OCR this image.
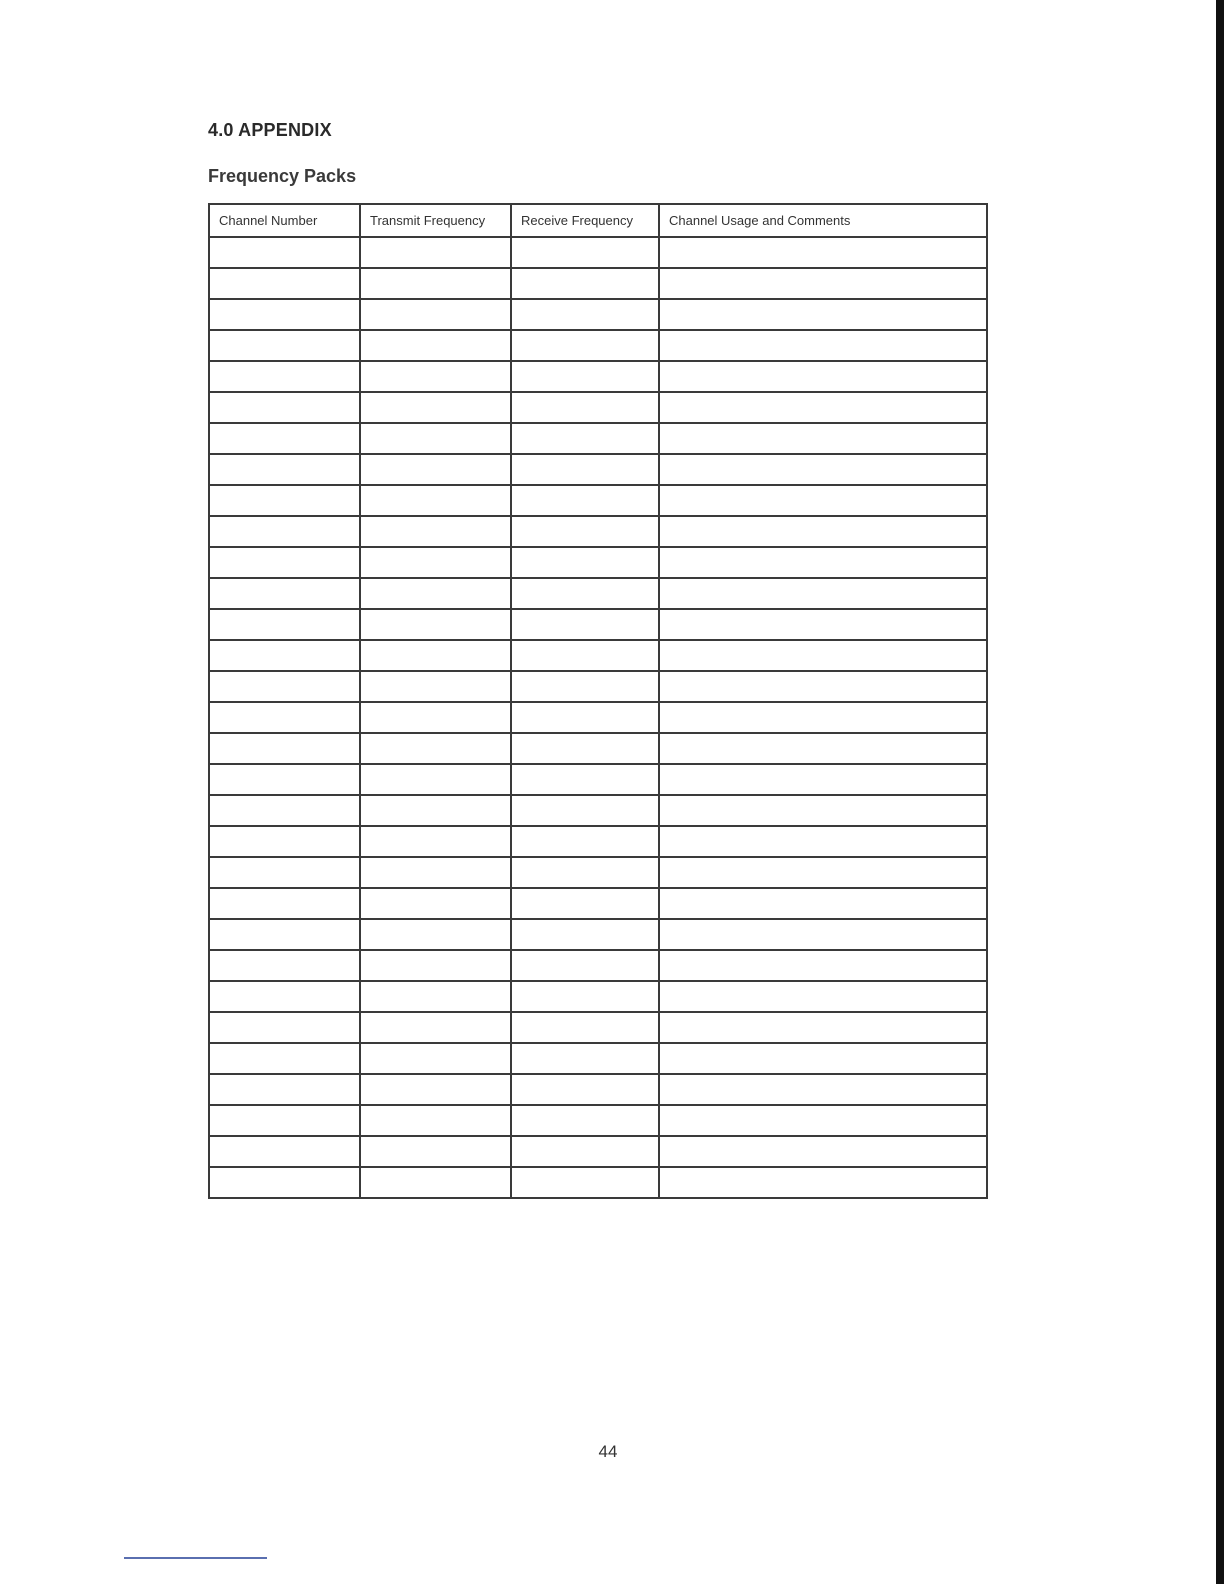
4.0 APPENDIX
Frequency Packs
Channel Number	Transmit Frequency	Receive Frequency	Channel Usage and Comments

44
